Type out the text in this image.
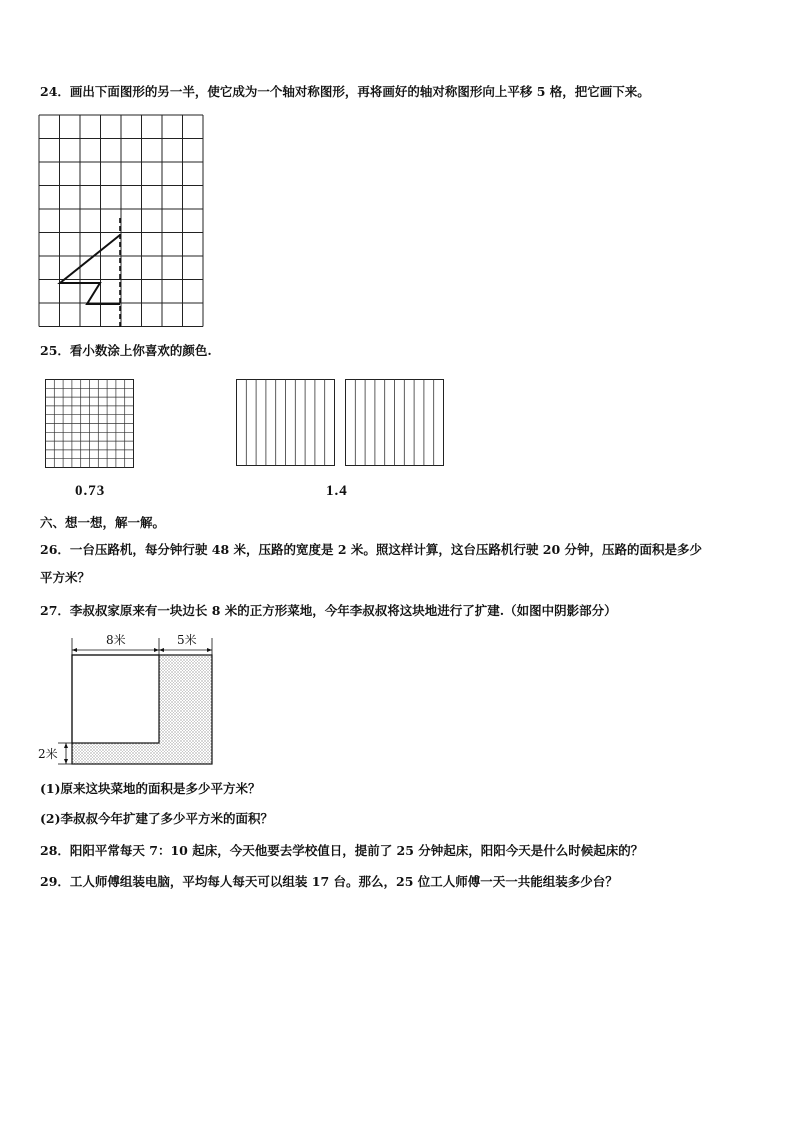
24．画出下面图形的另一半，使它成为一个轴对称图形，再将画好的轴对称图形向上平移 5 格，把它画下来。
25．看小数涂上你喜欢的颜色.
0.73	1.4
六、想一想，解一解。
26．一台压路机，每分钟行驶 48 米，压路的宽度是 2 米。照这样计算，这台压路机行驶 20 分钟，压路的面积是多少
平方米？
27．李叔叔家原来有一块边长 8 米的正方形菜地，今年李叔叔将这块地进行了扩建.（如图中阴影部分）
8米	5米
2米
(1)原来这块菜地的面积是多少平方米？
(2)李叔叔今年扩建了多少平方米的面积？
28．阳阳平常每天 7：10 起床，今天他要去学校值日，提前了 25 分钟起床，阳阳今天是什么时候起床的？
29．工人师傅组装电脑，平均每人每天可以组装 17 台。那么，25 位工人师傅一天一共能组装多少台？
